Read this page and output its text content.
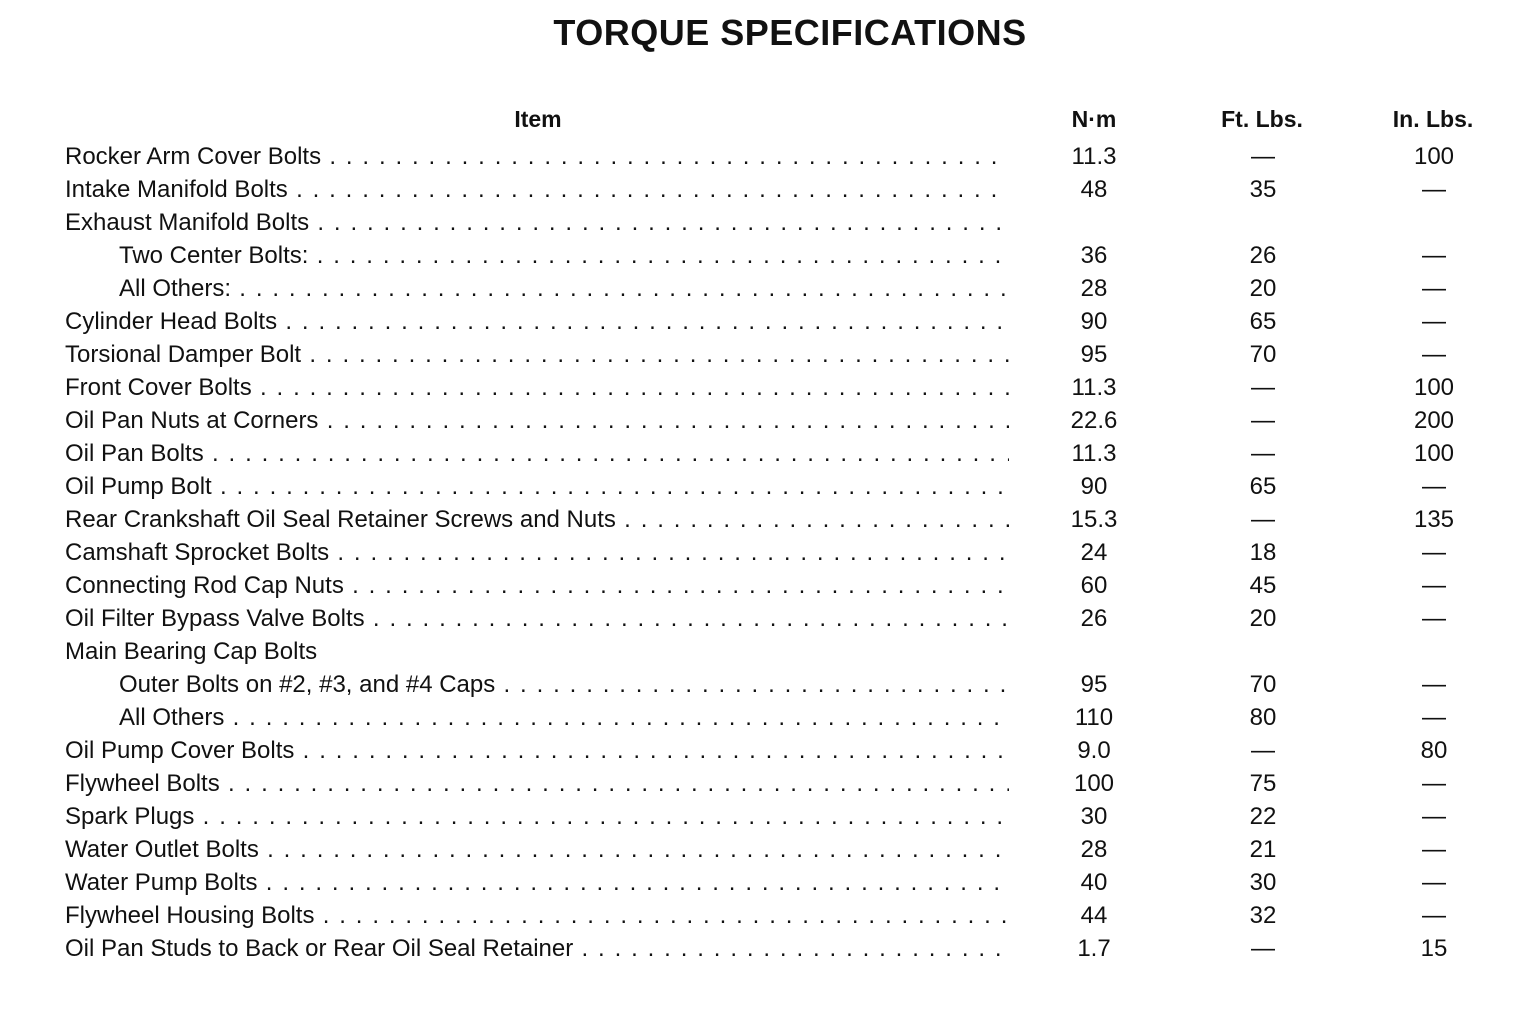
TORQUE SPECIFICATIONS
Item	N·m	Ft. Lbs.	In. Lbs.
Rocker Arm Cover Bolts . . .	11.3	—	100
Intake Manifold Bolts . . .	48	35	—
Exhaust Manifold Bolts . . .
Two Center Bolts: . . .	36	26	—
All Others: . . .	28	20	—
Cylinder Head Bolts . . .	90	65	—
Torsional Damper Bolt . . .	95	70	—
Front Cover Bolts . . .	11.3	—	100
Oil Pan Nuts at Corners . . .	22.6	—	200
Oil Pan Bolts . . .	11.3	—	100
Oil Pump Bolt . . .	90	65	—
Rear Crankshaft Oil Seal Retainer Screws and Nuts . . .	15.3	—	135
Camshaft Sprocket Bolts . . .	24	18	—
Connecting Rod Cap Nuts . . .	60	45	—
Oil Filter Bypass Valve Bolts . . .	26	20	—
Main Bearing Cap Bolts
Outer Bolts on #2, #3, and #4 Caps . . .	95	70	—
All Others . . .	110	80	—
Oil Pump Cover Bolts . . .	9.0	—	80
Flywheel Bolts . . .	100	75	—
Spark Plugs . . .	30	22	—
Water Outlet Bolts . . .	28	21	—
Water Pump Bolts . . .	40	30	—
Flywheel Housing Bolts . . .	44	32	—
Oil Pan Studs to Back or Rear Oil Seal Retainer . . .	1.7	—	15
